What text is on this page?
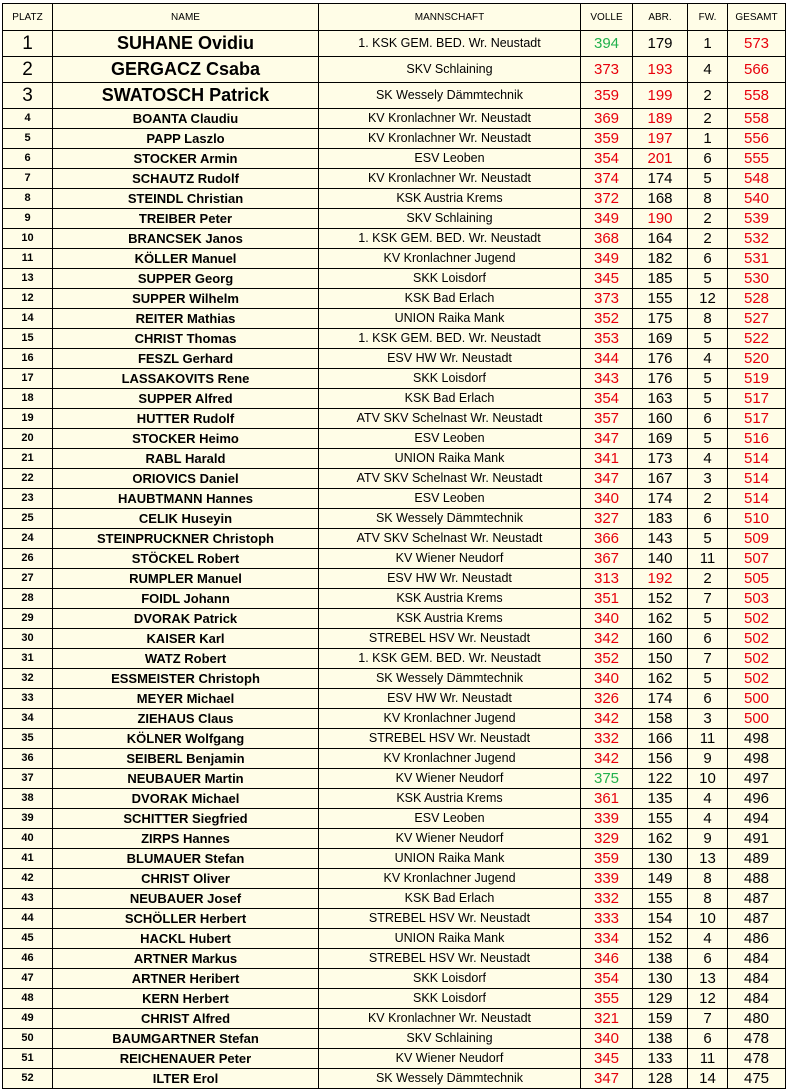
PLATZ	NAME	MANNSCHAFT	VOLLE	ABR.	FW.	GESAMT
1	SUHANE Ovidiu	1. KSK GEM. BED. Wr. Neustadt	394	179	1	573
2	GERGACZ Csaba	SKV Schlaining	373	193	4	566
3	SWATOSCH Patrick	SK Wessely Dämmtechnik	359	199	2	558
4	BOANTA Claudiu	KV Kronlachner Wr. Neustadt	369	189	2	558
5	PAPP Laszlo	KV Kronlachner Wr. Neustadt	359	197	1	556
6	STOCKER Armin	ESV Leoben	354	201	6	555
7	SCHAUTZ Rudolf	KV Kronlachner Wr. Neustadt	374	174	5	548
8	STEINDL Christian	KSK Austria Krems	372	168	8	540
9	TREIBER Peter	SKV Schlaining	349	190	2	539
10	BRANCSEK Janos	1. KSK GEM. BED. Wr. Neustadt	368	164	2	532
11	KÖLLER Manuel	KV Kronlachner Jugend	349	182	6	531
13	SUPPER Georg	SKK Loisdorf	345	185	5	530
12	SUPPER Wilhelm	KSK Bad Erlach	373	155	12	528
14	REITER Mathias	UNION Raika Mank	352	175	8	527
15	CHRIST Thomas	1. KSK GEM. BED. Wr. Neustadt	353	169	5	522
16	FESZL Gerhard	ESV HW Wr. Neustadt	344	176	4	520
17	LASSAKOVITS Rene	SKK Loisdorf	343	176	5	519
18	SUPPER Alfred	KSK Bad Erlach	354	163	5	517
19	HUTTER Rudolf	ATV SKV Schelnast Wr. Neustadt	357	160	6	517
20	STOCKER Heimo	ESV Leoben	347	169	5	516
21	RABL Harald	UNION Raika Mank	341	173	4	514
22	ORIOVICS Daniel	ATV SKV Schelnast Wr. Neustadt	347	167	3	514
23	HAUBTMANN Hannes	ESV Leoben	340	174	2	514
25	CELIK Huseyin	SK Wessely Dämmtechnik	327	183	6	510
24	STEINPRUCKNER Christoph	ATV SKV Schelnast Wr. Neustadt	366	143	5	509
26	STÖCKEL Robert	KV Wiener Neudorf	367	140	11	507
27	RUMPLER Manuel	ESV HW Wr. Neustadt	313	192	2	505
28	FOIDL Johann	KSK Austria Krems	351	152	7	503
29	DVORAK Patrick	KSK Austria Krems	340	162	5	502
30	KAISER Karl	STREBEL HSV Wr. Neustadt	342	160	6	502
31	WATZ Robert	1. KSK GEM. BED. Wr. Neustadt	352	150	7	502
32	ESSMEISTER Christoph	SK Wessely Dämmtechnik	340	162	5	502
33	MEYER Michael	ESV HW Wr. Neustadt	326	174	6	500
34	ZIEHAUS Claus	KV Kronlachner Jugend	342	158	3	500
35	KÖLNER Wolfgang	STREBEL HSV Wr. Neustadt	332	166	11	498
36	SEIBERL Benjamin	KV Kronlachner Jugend	342	156	9	498
37	NEUBAUER Martin	KV Wiener Neudorf	375	122	10	497
38	DVORAK Michael	KSK Austria Krems	361	135	4	496
39	SCHITTER Siegfried	ESV Leoben	339	155	4	494
40	ZIRPS Hannes	KV Wiener Neudorf	329	162	9	491
41	BLUMAUER Stefan	UNION Raika Mank	359	130	13	489
42	CHRIST Oliver	KV Kronlachner Jugend	339	149	8	488
43	NEUBAUER Josef	KSK Bad Erlach	332	155	8	487
44	SCHÖLLER Herbert	STREBEL HSV Wr. Neustadt	333	154	10	487
45	HACKL Hubert	UNION Raika Mank	334	152	4	486
46	ARTNER Markus	STREBEL HSV Wr. Neustadt	346	138	6	484
47	ARTNER Heribert	SKK Loisdorf	354	130	13	484
48	KERN Herbert	SKK Loisdorf	355	129	12	484
49	CHRIST Alfred	KV Kronlachner Wr. Neustadt	321	159	7	480
50	BAUMGARTNER Stefan	SKV Schlaining	340	138	6	478
51	REICHENAUER Peter	KV Wiener Neudorf	345	133	11	478
52	ILTER Erol	SK Wessely Dämmtechnik	347	128	14	475
